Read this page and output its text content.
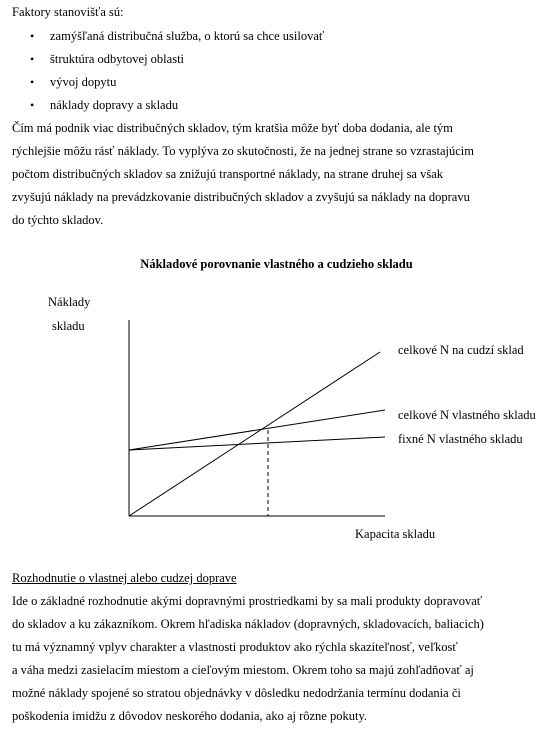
Faktory stanovišťa sú:
• zamýšľaná distribučná služba, o ktorú sa chce usilovať
• štruktúra odbytovej oblasti
• vývoj dopytu
• náklady dopravy a skladu
Čím má podnik viac distribučných skladov, tým kratšia môže byť doba dodania, ale tým
rýchlejšie môžu rásť náklady. To vyplýva zo skutočnosti, že na jednej strane so vzrastajúcim
počtom distribučných skladov sa znižujú transportné náklady, na strane druhej sa však
zvyšujú náklady na prevádzkovanie distribučných skladov a zvyšujú sa náklady na dopravu
do týchto skladov.
Nákladové porovnanie vlastného a cudzieho skladu
Náklady
skladu
celkové N na cudzí sklad
celkové N vlastného skladu
fixné N vlastného skladu
Kapacita skladu
Rozhodnutie o vlastnej alebo cudzej doprave
Ide o základné rozhodnutie akými dopravnými prostriedkami by sa mali produkty dopravovať
do skladov a ku zákazníkom. Okrem hľadiska nákladov (dopravných, skladovacích, baliacich)
tu má významný vplyv charakter a vlastnosti produktov ako rýchla skaziteľnosť, veľkosť
a váha medzi zasielacím miestom a cieľovým miestom. Okrem toho sa majú zohľadňovať aj
možné náklady spojené so stratou objednávky v dôsledku nedodržania termínu dodania či
poškodenia imidžu z dôvodov neskorého dodania, ako aj rôzne pokuty.
